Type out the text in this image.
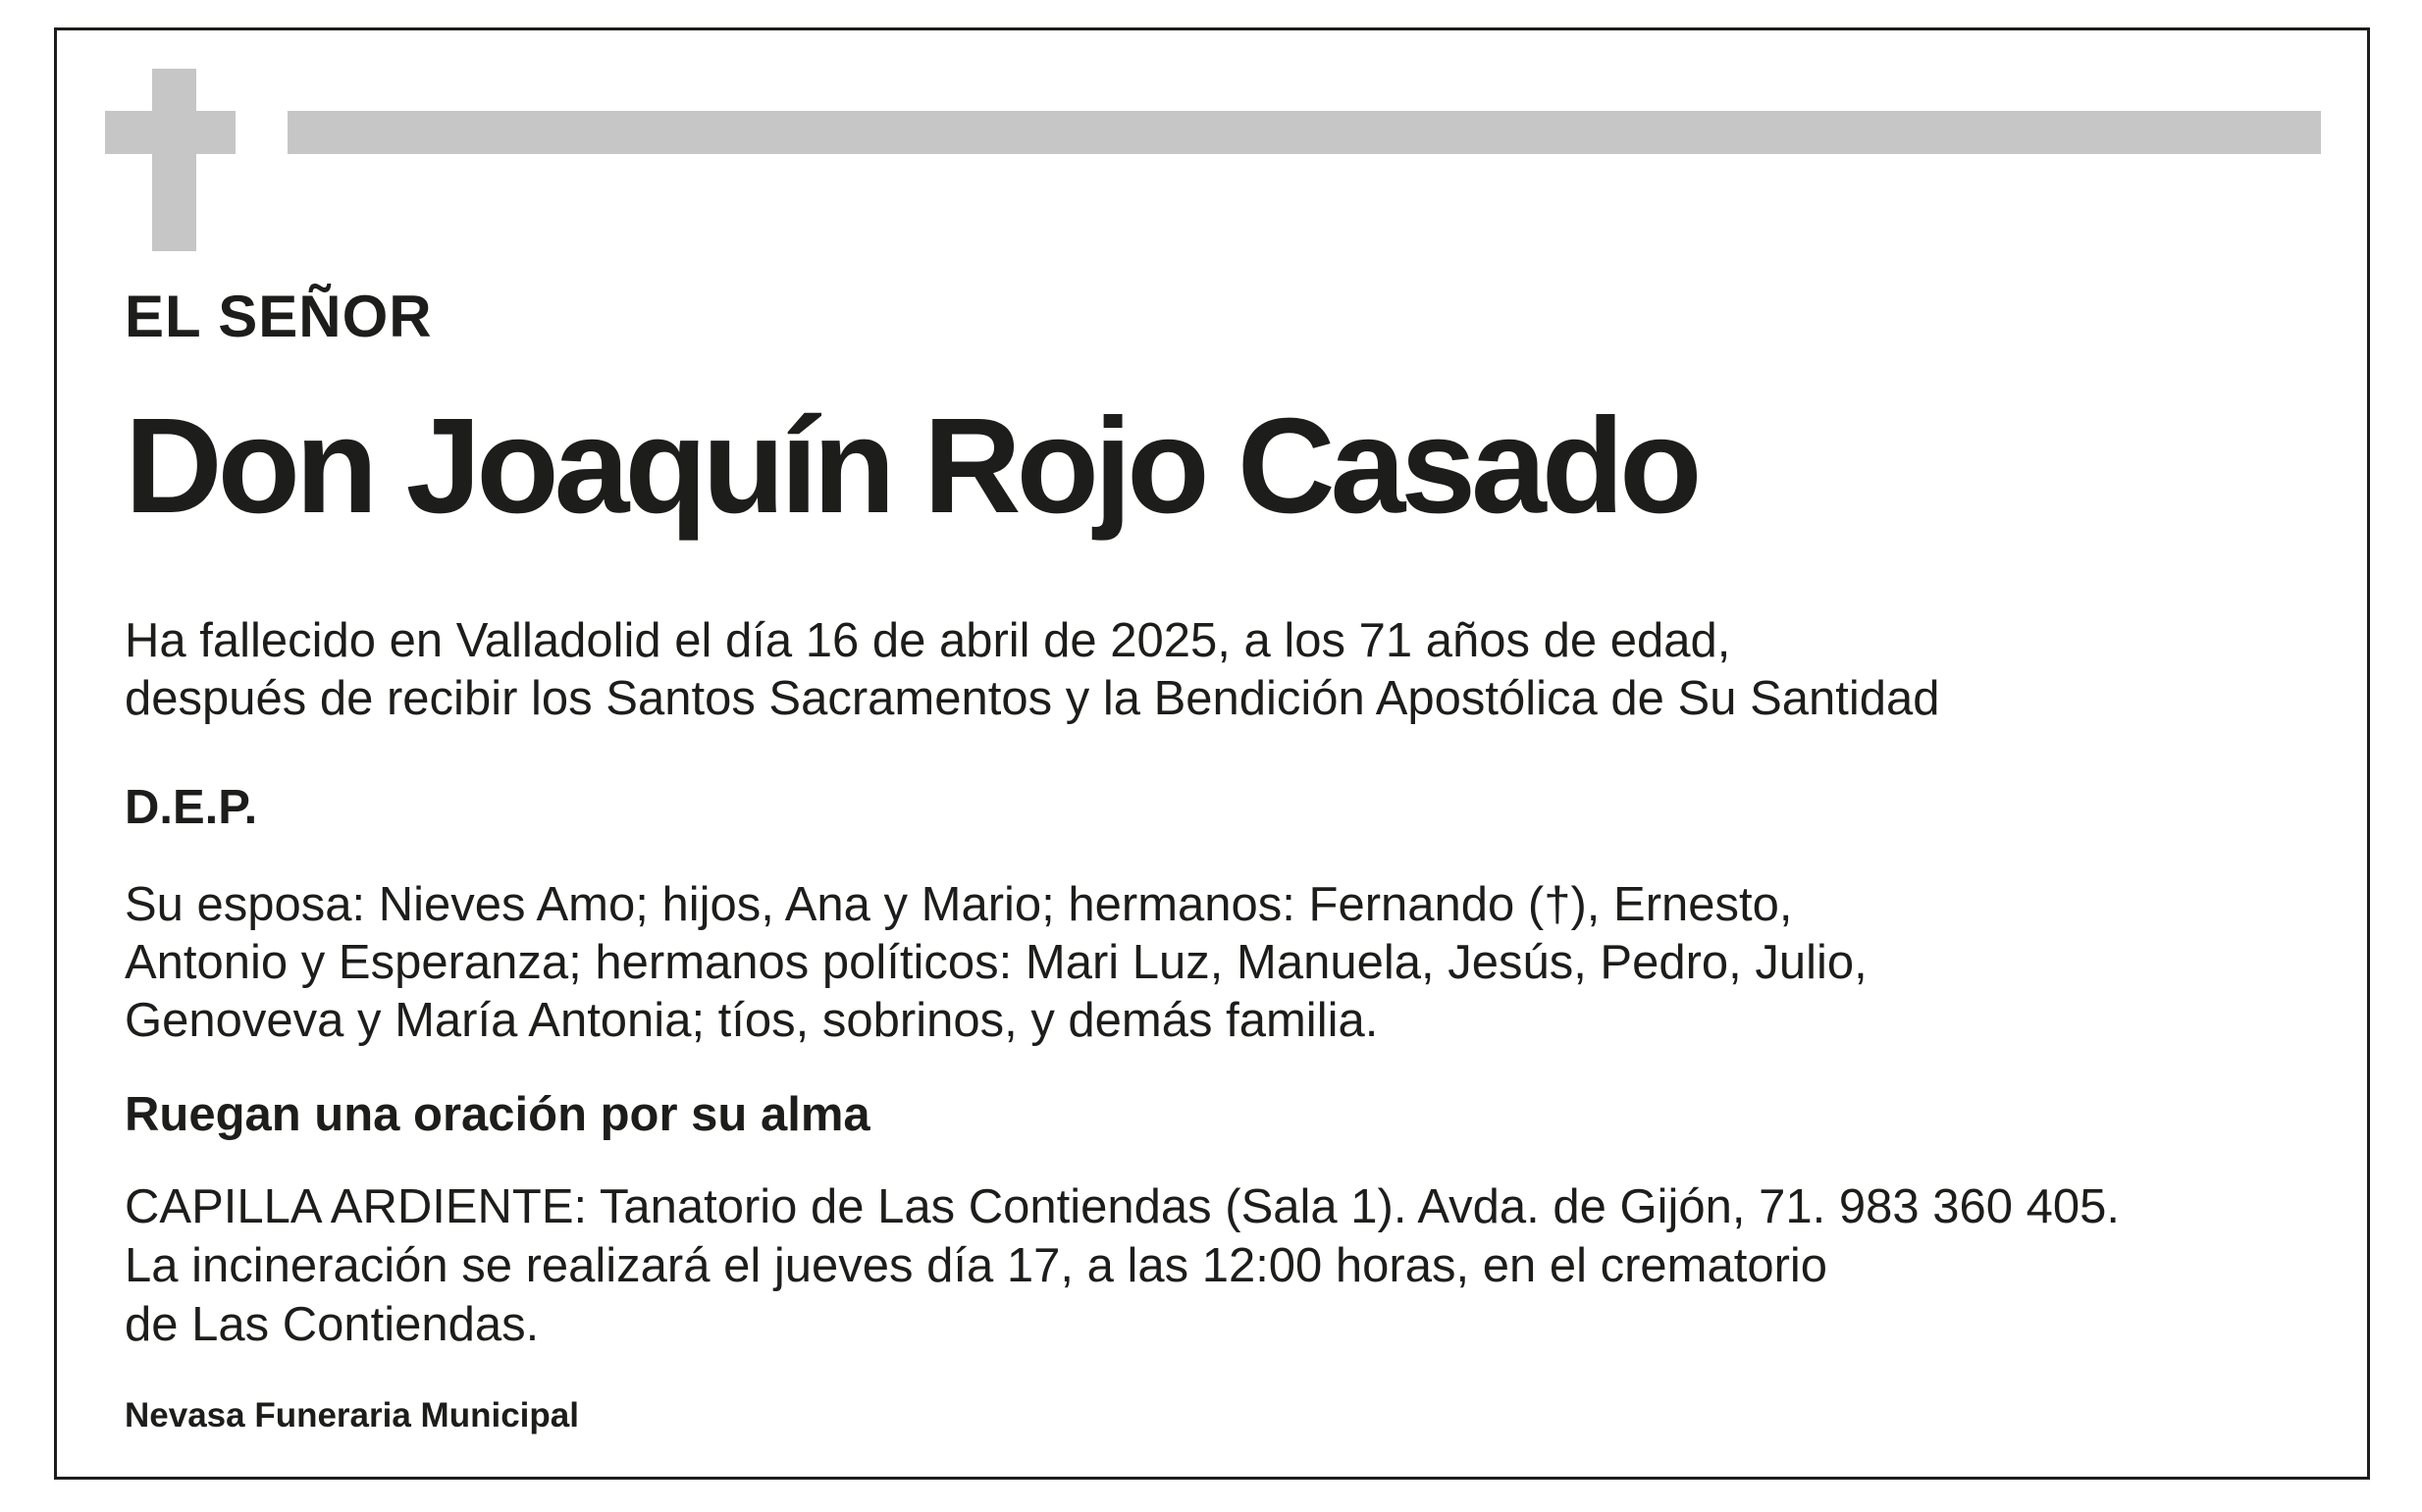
EL SEÑOR

Don Joaquín Rojo Casado

Ha fallecido en Valladolid el día 16 de abril de 2025, a los 71 años de edad,

después de recibir los Santos Sacramentos y la Bendición Apostólica de Su Santidad

D.E.P.

Su esposa: Nieves Amo; hijos, Ana y Mario; hermanos: Fernando (†), Ernesto,

Antonio y Esperanza; hermanos políticos: Mari Luz, Manuela, Jesús, Pedro, Julio,

Genoveva y María Antonia; tíos, sobrinos, y demás familia.

Ruegan una oración por su alma

CAPILLA ARDIENTE: Tanatorio de Las Contiendas (Sala 1). Avda. de Gijón, 71. 983 360 405.

La incineración se realizará el jueves día 17, a las 12:00 horas, en el crematorio

de Las Contiendas.

Nevasa Funeraria Municipal
